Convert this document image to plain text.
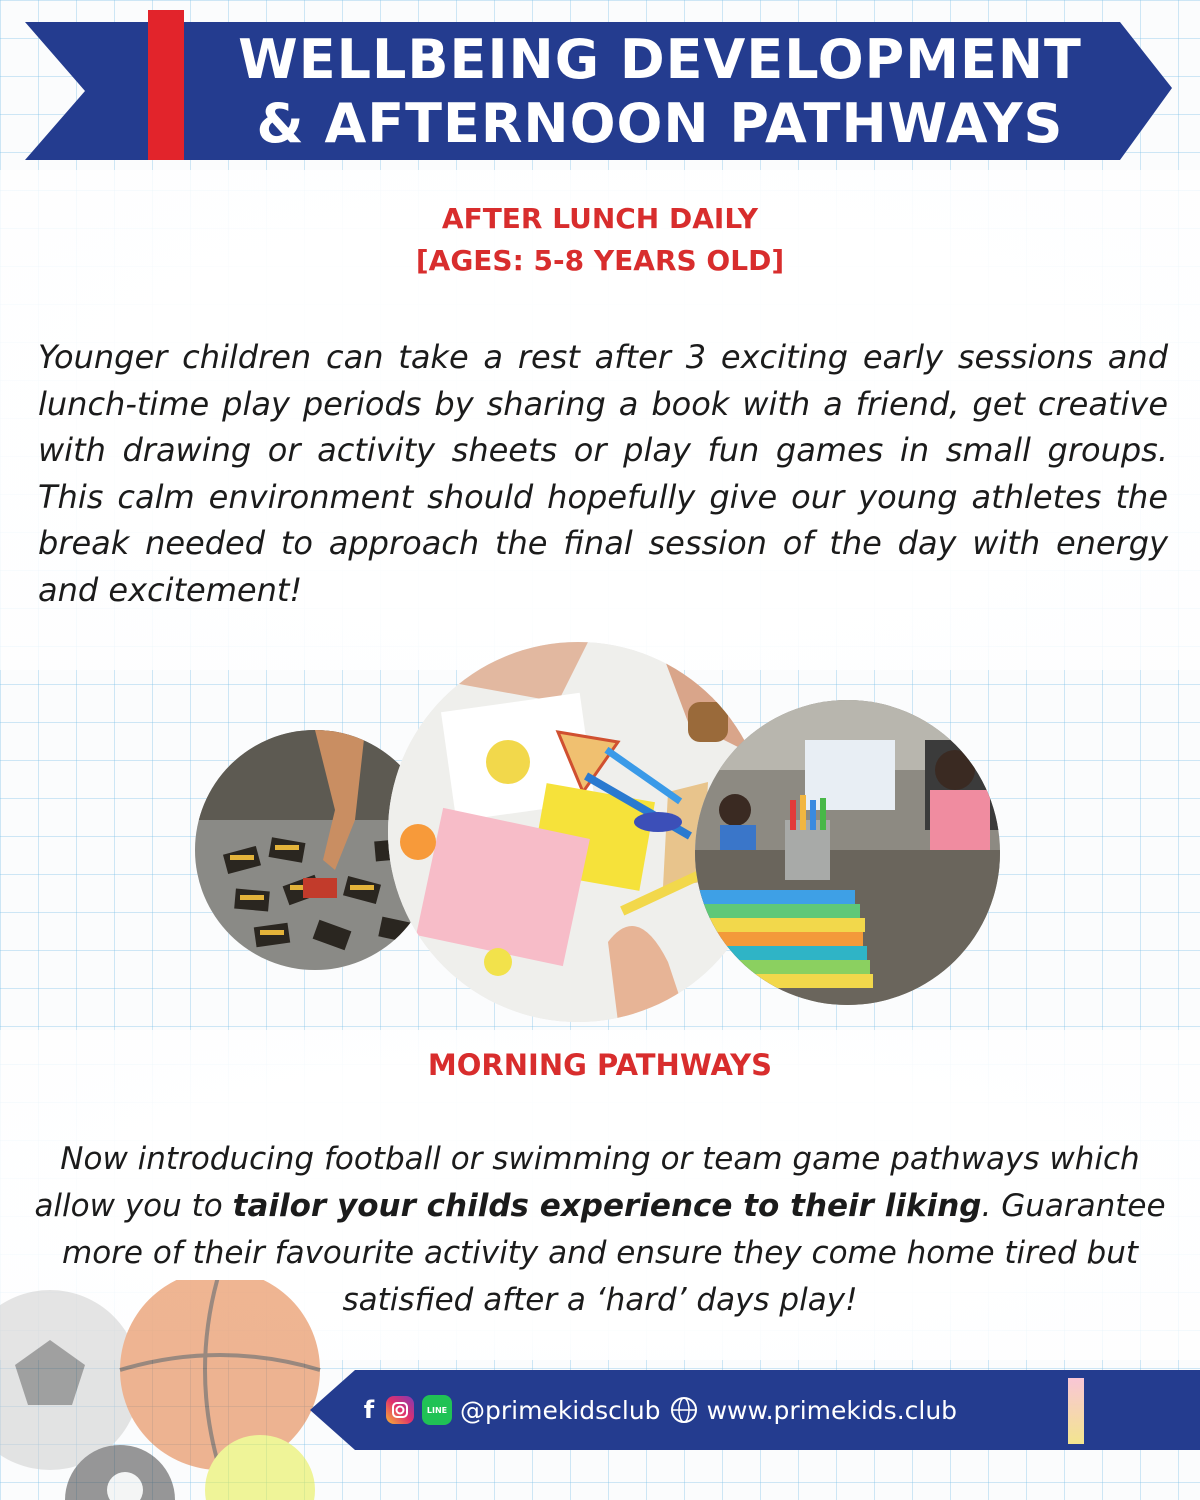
WELLBEING DEVELOPMENT
& AFTERNOON PATHWAYS
AFTER LUNCH DAILY
[AGES: 5-8 YEARS OLD]
Younger children can take a rest after 3 exciting early sessions and lunch-time play periods by sharing a book with a friend, get creative with drawing or activity sheets or play fun games in small groups. This calm environment should hopefully give our young athletes the break needed to approach the final session of the day with energy and excitement!
MORNING PATHWAYS
Now introducing football or swimming or team game pathways which allow you to tailor your childs experience to their liking. Guarantee more of their favourite activity and ensure they come home tired but satisfied after a ‘hard’ days play!
f	LINE @primekidsclub www.primekids.club
